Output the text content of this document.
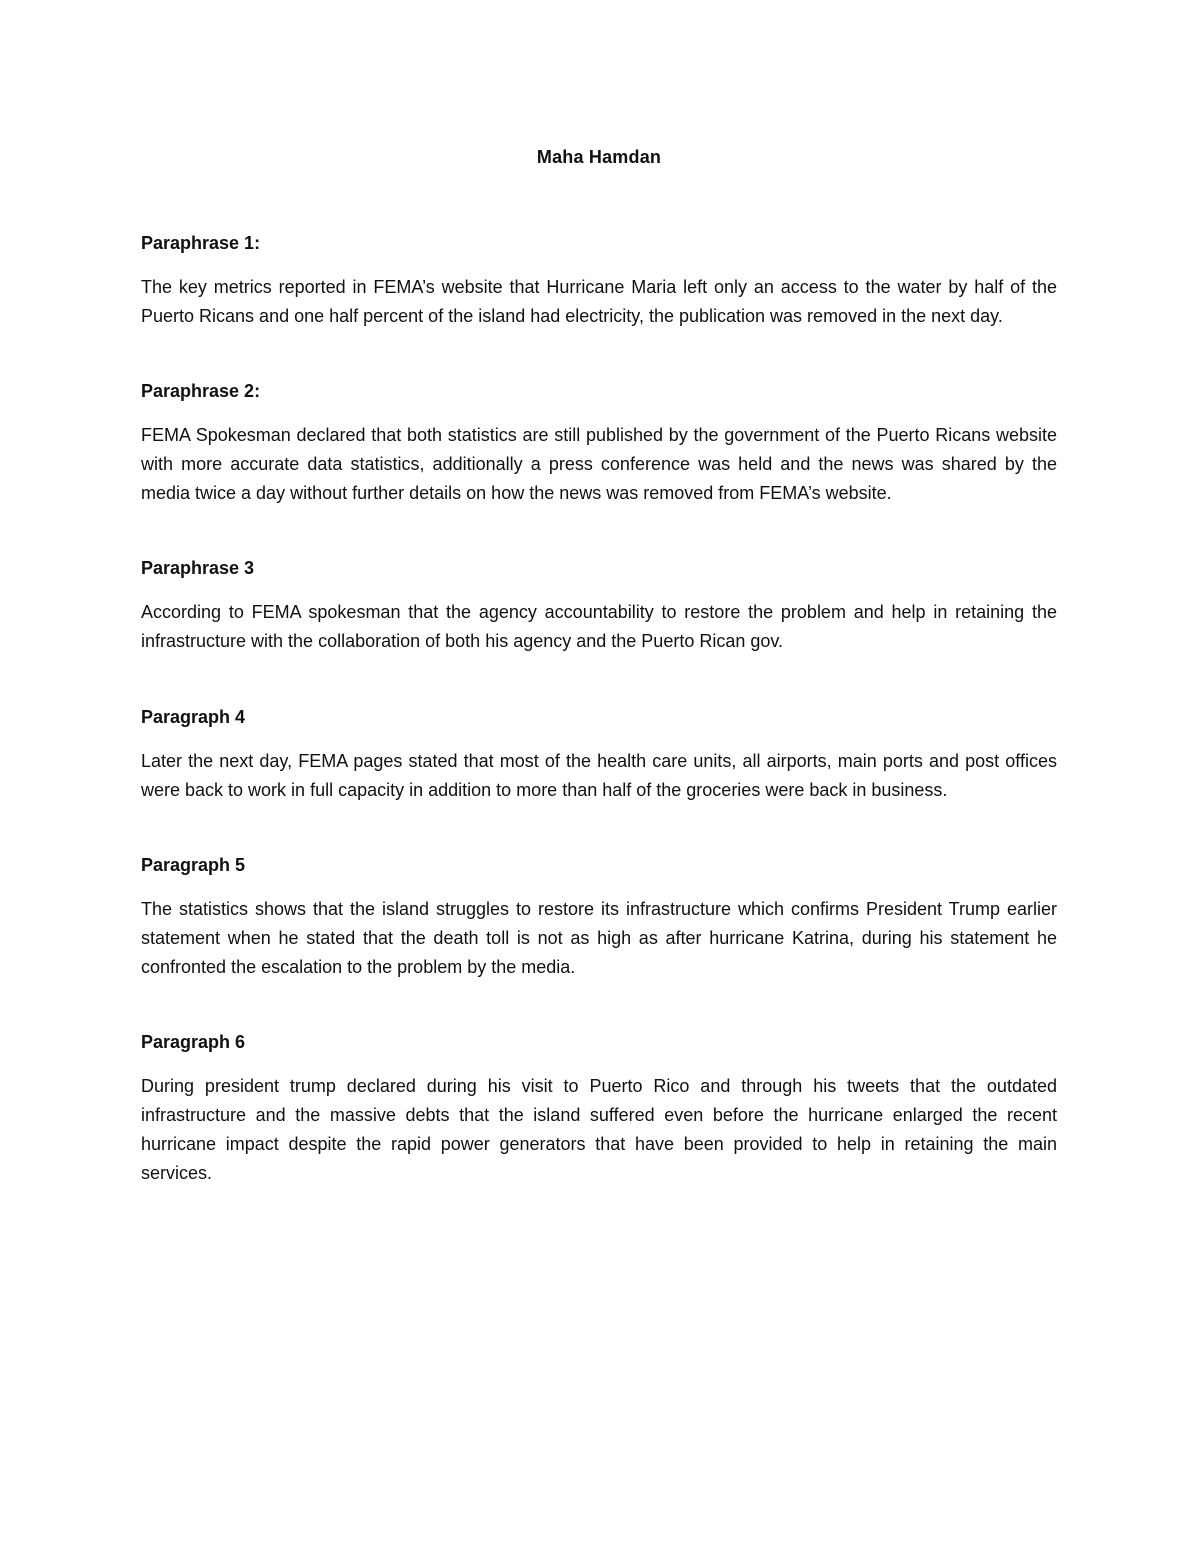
Maha Hamdan

Paraphrase 1:

The key metrics reported in FEMA’s website that Hurricane Maria left only an access to the water by half of the Puerto Ricans and one half percent of the island had electricity, the publication was removed in the next day.

Paraphrase 2:

FEMA Spokesman declared that both statistics are still published by the government of the Puerto Ricans website with more accurate data statistics, additionally a press conference was held and the news was shared by the media twice a day without further details on how the news was removed from FEMA’s website.

Paraphrase 3

According to FEMA spokesman that the agency accountability to restore the problem and help in retaining the infrastructure with the collaboration of both his agency and the Puerto Rican gov.

Paragraph 4

Later the next day, FEMA pages stated that most of the health care units, all airports, main ports and post offices were back to work in full capacity in addition to more than half of the groceries were back in business.

Paragraph 5

The statistics shows that the island struggles to restore its infrastructure which confirms President Trump earlier statement when he stated that the death toll is not as high as after hurricane Katrina, during his statement he confronted the escalation to the problem by the media.

Paragraph 6

During president trump declared during his visit to Puerto Rico and through his tweets that the outdated infrastructure and the massive debts that the island suffered even before the hurricane enlarged the recent hurricane impact despite the rapid power generators that have been provided to help in retaining the main services.
